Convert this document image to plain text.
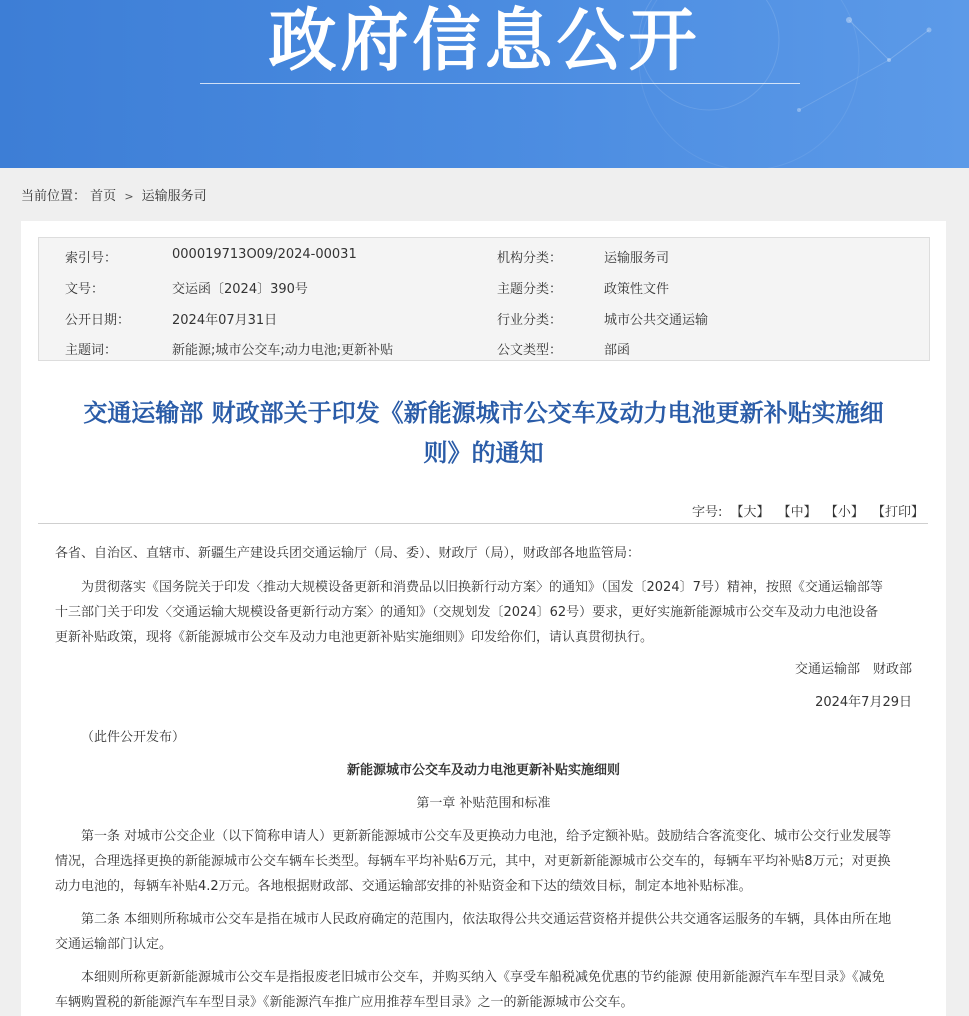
政府信息公开
当前位置： 首页 > 运输服务司
索引号：	000019713O09/2024-00031	机构分类：	运输服务司
文号：	交运函〔2024〕390号	主题分类：	政策性文件
公开日期：	2024年07月31日	行业分类：	城市公共交通运输
主题词：	新能源;城市公交车;动力电池;更新补贴	公文类型：	部函
交通运输部 财政部关于印发《新能源城市公交车及动力电池更新补贴实施细
则》的通知
字号: 【大】 【中】 【小】 【打印】
各省、自治区、直辖市、新疆生产建设兵团交通运输厅（局、委）、财政厅（局），财政部各地监管局：
为贯彻落实《国务院关于印发〈推动大规模设备更新和消费品以旧换新行动方案〉的通知》（国发〔2024〕7号）精神，按照《交通运输部等
十三部门关于印发〈交通运输大规模设备更新行动方案〉的通知》（交规划发〔2024〕62号）要求，更好实施新能源城市公交车及动力电池设备
更新补贴政策，现将《新能源城市公交车及动力电池更新补贴实施细则》印发给你们，请认真贯彻执行。
交通运输部　财政部
2024年7月29日
（此件公开发布）
新能源城市公交车及动力电池更新补贴实施细则
第一章 补贴范围和标准
第一条 对城市公交企业（以下简称申请人）更新新能源城市公交车及更换动力电池，给予定额补贴。鼓励结合客流变化、城市公交行业发展等
情况，合理选择更换的新能源城市公交车辆车长类型。每辆车平均补贴6万元，其中，对更新新能源城市公交车的，每辆车平均补贴8万元；对更换
动力电池的，每辆车补贴4.2万元。各地根据财政部、交通运输部安排的补贴资金和下达的绩效目标，制定本地补贴标准。
第二条 本细则所称城市公交车是指在城市人民政府确定的范围内，依法取得公共交通运营资格并提供公共交通客运服务的车辆，具体由所在地
交通运输部门认定。
本细则所称更新新能源城市公交车是指报废老旧城市公交车，并购买纳入《享受车船税减免优惠的节约能源 使用新能源汽车车型目录》《减免
车辆购置税的新能源汽车车型目录》《新能源汽车推广应用推荐车型目录》之一的新能源城市公交车。
